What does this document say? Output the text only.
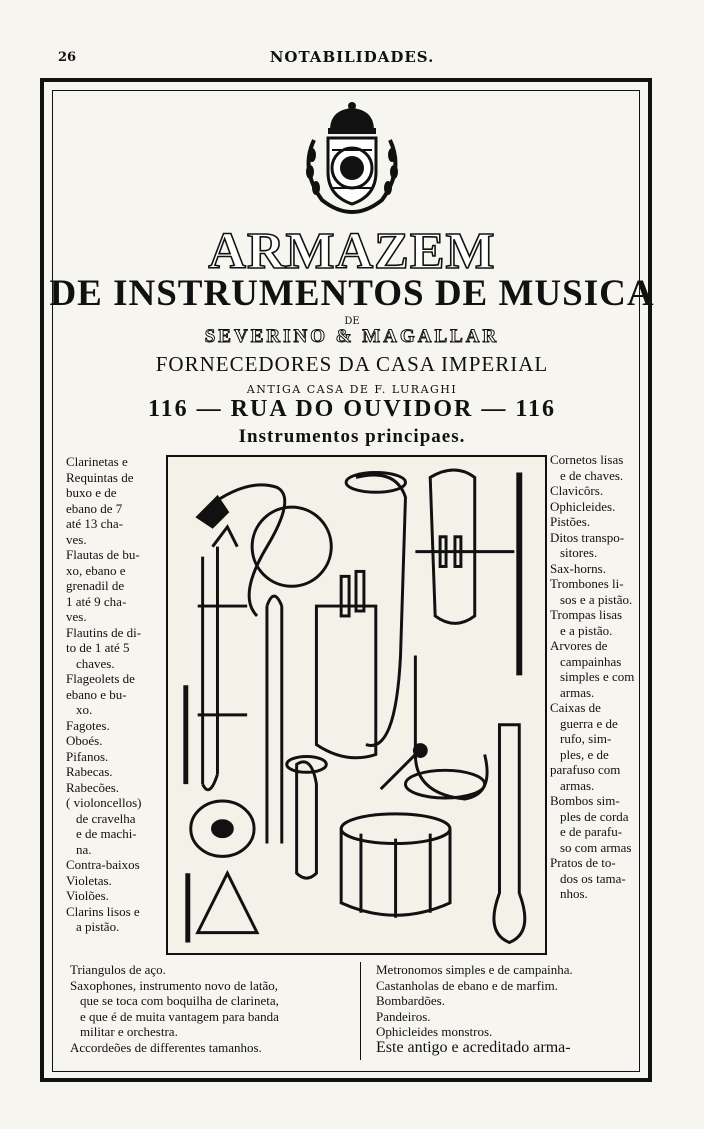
26	NOTABILIDADES.
ARMAZEM
DE INSTRUMENTOS DE MUSICA
DE
SEVERINO & MAGALLAR
FORNECEDORES DA CASA IMPERIAL
ANTIGA CASA DE F. LURAGHI
116 — RUA DO OUVIDOR — 116
Instrumentos principaes.
Clarinetas e
Requintas de
buxo e de
ebano de 7
até 13 cha-
ves.
Flautas de bu-
xo, ebano e
grenadil de
1 até 9 cha-
ves.
Flautins de di-
to de 1 até 5
chaves.
Flageolets de
ebano e bu-
xo.
Fagotes.
Oboés.
Pifanos.
Rabecas.
Rabecões.
( violoncellos)
de cravelha
e de machi-
na.
Contra-baixos
Violetas.
Violões.
Clarins lisos e
a pistão.
Cornetos lisas
e de chaves.
Clavicôrs.
Ophicleides.
Pistões.
Ditos transpo-
sitores.
Sax-horns.
Trombones li-
sos e a pistão.
Trompas lisas
e a pistão.
Arvores de
campainhas
simples e com
armas.
Caixas de
guerra e de
rufo, sim-
ples, e de
parafuso com
armas.
Bombos sim-
ples de corda
e de parafu-
so com armas
Pratos de to-
dos os tama-
nhos.
Triangulos de aço.
Saxophones, instrumento novo de latão,
que se toca com boquilha de clarineta,
e que é de muita vantagem para banda
militar e orchestra.
Accordeões de differentes tamanhos.
Metronomos simples e de campainha.
Castanholas de ebano e de marfim.
Bombardões.
Pandeiros.
Ophicleides monstros.
Este antigo e acreditado arma-
